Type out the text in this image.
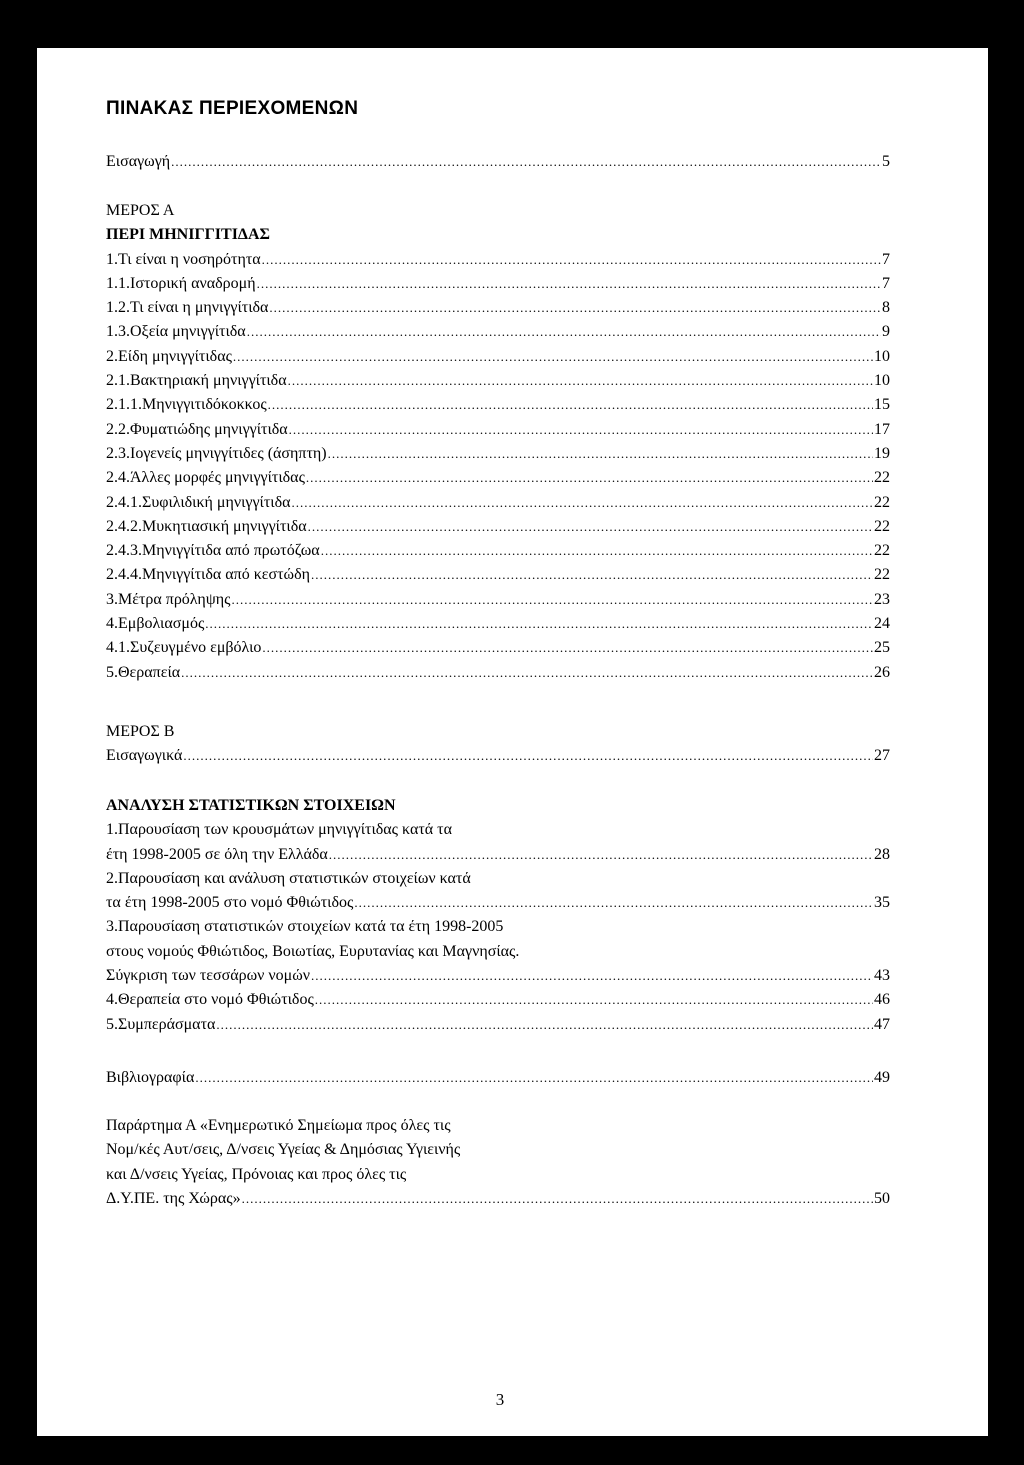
ΠΙΝΑΚΑΣ ΠΕΡΙΕΧΟΜΕΝΩΝ
Εισαγωγή .....	5
ΜΕΡΟΣ Α
ΠΕΡΙ ΜΗΝΙΓΓΙΤΙΔΑΣ
1.Τι είναι η νοσηρότητα .....	7
1.1.Ιστορική αναδρομή .....	7
1.2.Τι είναι η μηνιγγίτιδα .....	8
1.3.Οξεία μηνιγγίτιδα .....	9
2.Είδη μηνιγγίτιδας .....	10
2.1.Βακτηριακή μηνιγγίτιδα .....	10
2.1.1.Μηνιγγιτιδόκοκκος .....	15
2.2.Φυματιώδης μηνιγγίτιδα .....	17
2.3.Ιογενείς μηνιγγίτιδες (άσηπτη) .....	19
2.4.Άλλες μορφές μηνιγγίτιδας .....	22
2.4.1.Συφιλιδική μηνιγγίτιδα .....	22
2.4.2.Μυκητιασική μηνιγγίτιδα .....	22
2.4.3.Μηνιγγίτιδα από πρωτόζωα .....	22
2.4.4.Μηνιγγίτιδα από κεστώδη .....	22
3.Μέτρα πρόληψης .....	23
4.Εμβολιασμός .....	24
4.1.Συζευγμένο εμβόλιο .....	25
5.Θεραπεία .....	26
ΜΕΡΟΣ Β
Εισαγωγικά .....	27
ΑΝΑΛΥΣΗ ΣΤΑΤΙΣΤΙΚΩΝ ΣΤΟΙΧΕΙΩΝ
1.Παρουσίαση των κρουσμάτων μηνιγγίτιδας κατά τα
έτη 1998-2005 σε όλη την Ελλάδα .....	28
2.Παρουσίαση και ανάλυση στατιστικών στοιχείων κατά
τα έτη 1998-2005 στο νομό Φθιώτιδος .....	35
3.Παρουσίαση στατιστικών στοιχείων κατά τα έτη 1998-2005
στους νομούς Φθιώτιδος, Βοιωτίας, Ευρυτανίας και Μαγνησίας.
Σύγκριση των τεσσάρων νομών .....	43
4.Θεραπεία στο νομό Φθιώτιδος .....	46
5.Συμπεράσματα .....	47
Βιβλιογραφία .....	49
Παράρτημα Α «Ενημερωτικό Σημείωμα προς όλες τις
Νομ/κές Αυτ/σεις, Δ/νσεις Υγείας & Δημόσιας Υγιεινής
και Δ/νσεις Υγείας, Πρόνοιας και προς όλες τις
Δ.Υ.ΠΕ. της Χώρας» .....	50
3
